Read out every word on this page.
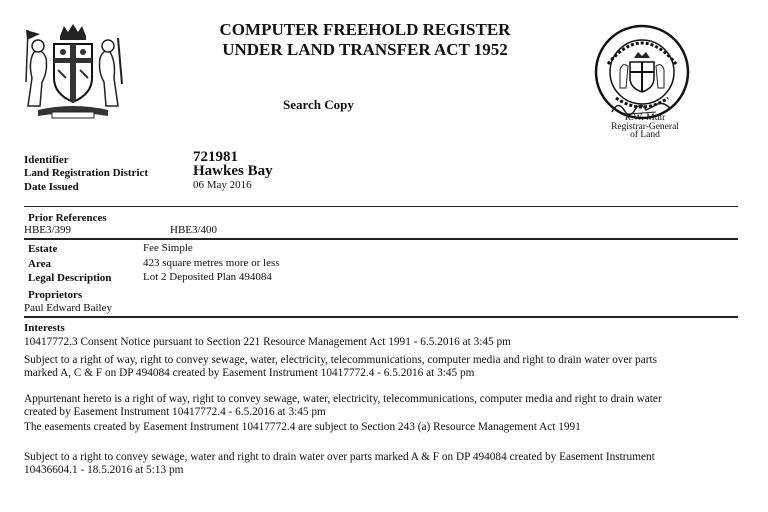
COMPUTER FREEHOLD REGISTER
UNDER LAND TRANSFER ACT 1952
Search Copy
R.W. Muir
Registrar-General
of Land
Identifier	721981
Land Registration District	Hawkes Bay
Date Issued	06 May 2016
Prior References
HBE3/399	HBE3/400
Estate	Fee Simple
Area	423 square metres more or less
Legal Description	Lot 2 Deposited Plan 494084
Proprietors
Paul Edward Bailey
Interests
10417772.3 Consent Notice pursuant to Section 221 Resource Management Act 1991 - 6.5.2016 at 3:45 pm
Subject to a right of way, right to convey sewage, water, electricity, telecommunications, computer media and right to drain water over parts marked A, C & F on DP 494084 created by Easement Instrument 10417772.4 - 6.5.2016 at 3:45 pm
Appurtenant hereto is a right of way, right to convey sewage, water, electricity, telecommunications, computer media and right to drain water created by Easement Instrument 10417772.4 - 6.5.2016 at 3:45 pm
The easements created by Easement Instrument 10417772.4 are subject to Section 243 (a) Resource Management Act 1991
Subject to a right to convey sewage, water and right to drain water over parts marked A & F on DP 494084 created by Easement Instrument 10436604.1 - 18.5.2016 at 5:13 pm
